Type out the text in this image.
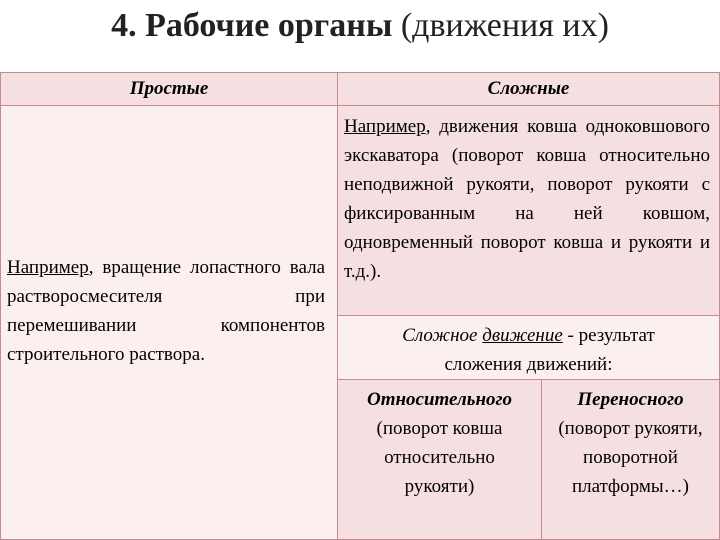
4. Рабочие органы (движения их)
Простые	Сложные
Например, вращение лопастного вала растворосмесителя при перемешивании компонентов строительного раствора.
Например, движения ковша одноковшового экскаватора (поворот ковша относительно неподвижной рукояти, поворот рукояти с фиксированным на ней ковшом, одновременный поворот ковша и рукояти и т.д.).
Сложное движение - результат
сложения движений:
Относительного
(поворот ковша относительно рукояти)
Переносного
(поворот рукояти, поворотной платформы…)
